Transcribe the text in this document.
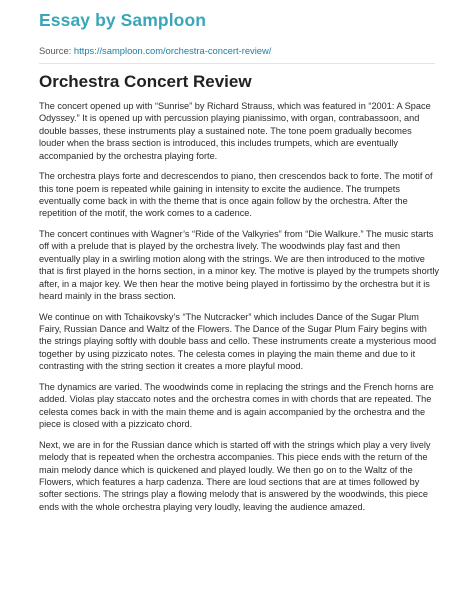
Essay by Samploon
Source: https://samploon.com/orchestra-concert-review/
Orchestra Concert Review

The concert opened up with “Sunrise” by Richard Strauss, which was featured in “2001: A Space Odyssey.” It is opened up with percussion playing pianissimo, with organ, contrabassoon, and double basses, these instruments play a sustained note. The tone poem gradually becomes louder when the brass section is introduced, this includes trumpets, which are eventually accompanied by the orchestra playing forte.

The orchestra plays forte and decrescendos to piano, then crescendos back to forte. The motif of this tone poem is repeated while gaining in intensity to excite the audience. The trumpets eventually come back in with the theme that is once again follow by the orchestra. After the repetition of the motif, the work comes to a cadence.

The concert continues with Wagner’s “Ride of the Valkyries” from “Die Walkure.” The music starts off with a prelude that is played by the orchestra lively. The woodwinds play fast and then eventually play in a swirling motion along with the strings. We are then introduced to the motive that is first played in the horns section, in a minor key. The motive is played by the trumpets shortly after, in a major key. We then hear the motive being played in fortissimo by the orchestra but it is heard mainly in the brass section.

We continue on with Tchaikovsky’s “The Nutcracker” which includes Dance of the Sugar Plum Fairy, Russian Dance and Waltz of the Flowers. The Dance of the Sugar Plum Fairy begins with the strings playing softly with double bass and cello. These instruments create a mysterious mood together by using pizzicato notes. The celesta comes in playing the main theme and due to it contrasting with the string section it creates a more playful mood.

The dynamics are varied. The woodwinds come in replacing the strings and the French horns are added. Violas play staccato notes and the orchestra comes in with chords that are repeated. The celesta comes back in with the main theme and is again accompanied by the orchestra and the piece is closed with a pizzicato chord.

Next, we are in for the Russian dance which is started off with the strings which play a very lively melody that is repeated when the orchestra accompanies. This piece ends with the return of the main melody dance which is quickened and played loudly. We then go on to the Waltz of the Flowers, which features a harp cadenza. There are loud sections that are at times followed by softer sections. The strings play a flowing melody that is answered by the woodwinds, this piece ends with the whole orchestra playing very loudly, leaving the audience amazed.
